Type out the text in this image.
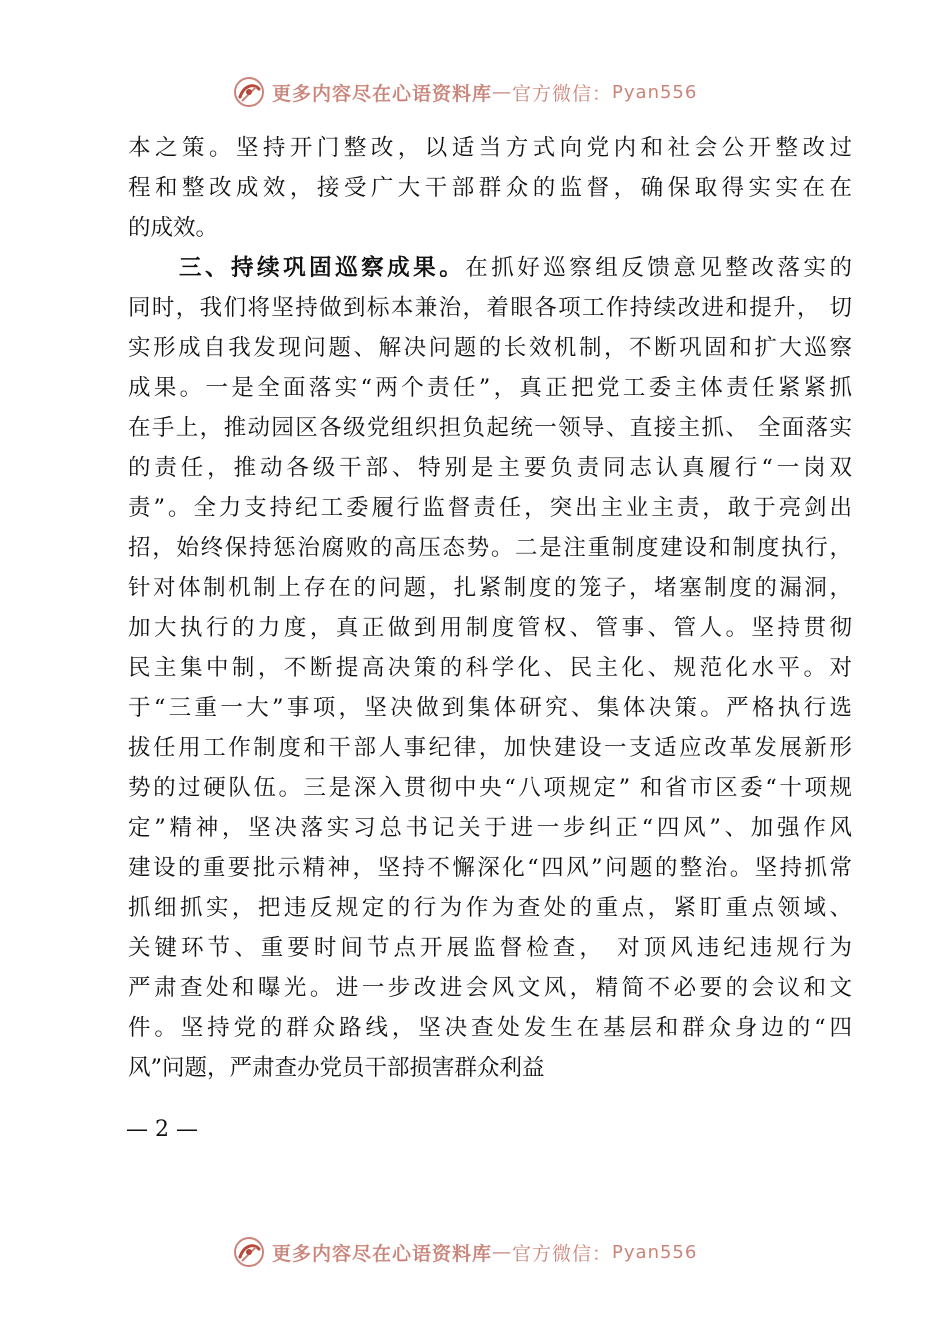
更多内容尽在心语资料库 — 官方微信： Pyan556
本之策。坚持开门整改，以适当方式向党内和社会公开整改过
程和整改成效，接受广大干部群众的监督，确保取得实实在在
的成效。
三、持续巩固巡察成果。在抓好巡察组反馈意见整改落实的
同时，我们将坚持做到标本兼治，着眼各项工作持续改进和提升， 切
实形成自我发现问题、解决问题的长效机制，不断巩固和扩大巡察
成果。一是全面落实“两个责任”，真正把党工委主体责任紧紧抓
在手上，推动园区各级党组织担负起统一领导、直接主抓、 全面落实
的责任，推动各级干部、特别是主要负责同志认真履行“一岗双
责”。全力支持纪工委履行监督责任，突出主业主责，敢于亮剑出
招，始终保持惩治腐败的高压态势。二是注重制度建设和制度执行，
针对体制机制上存在的问题，扎紧制度的笼子，堵塞制度的漏洞，
加大执行的力度，真正做到用制度管权、管事、管人。坚持贯彻
民主集中制，不断提高决策的科学化、民主化、规范化水平。对
于“三重一大”事项，坚决做到集体研究、集体决策。严格执行选
拔任用工作制度和干部人事纪律，加快建设一支适应改革发展新形
势的过硬队伍。三是深入贯彻中央“八项规定” 和省市区委“十项规
定”精神，坚决落实习总书记关于进一步纠正“四风”、加强作风
建设的重要批示精神，坚持不懈深化“四风”问题的整治。坚持抓常
抓细抓实，把违反规定的行为作为查处的重点，紧盯重点领域、
关键环节、重要时间节点开展监督检查， 对顶风违纪违规行为
严肃查处和曝光。进一步改进会风文风，精简不必要的会议和文
件。坚持党的群众路线，坚决查处发生在基层和群众身边的“四
风”问题，严肃查办党员干部损害群众利益
— 2 —
更多内容尽在心语资料库 — 官方微信： Pyan556
